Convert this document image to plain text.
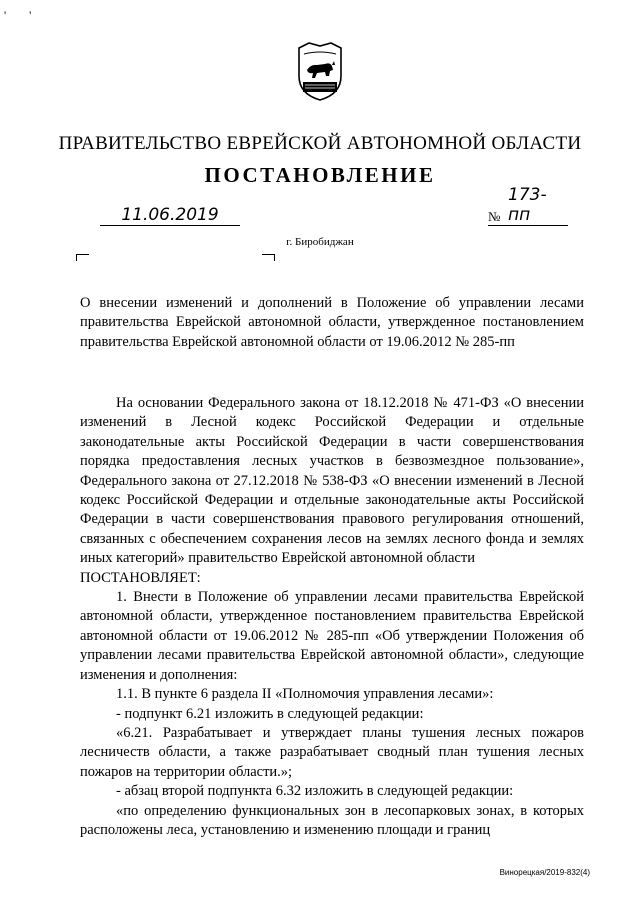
' '
ПРАВИТЕЛЬСТВО ЕВРЕЙСКОЙ АВТОНОМНОЙ ОБЛАСТИ
ПОСТАНОВЛЕНИЕ
11.06.2019	№
173-пп
г. Биробиджан
О внесении изменений и дополнений в Положение об управлении лесами правительства Еврейской автономной области, утвержденное постановлением правительства Еврейской автономной области от 19.06.2012 № 285-пп

На основании Федерального закона от 18.12.2018 № 471-ФЗ «О внесении изменений в Лесной кодекс Российской Федерации и отдельные законодательные акты Российской Федерации в части совершенствования порядка предоставления лесных участков в безвозмездное пользование», Федерального закона от 27.12.2018 № 538-ФЗ «О внесении изменений в Лесной кодекс Российской Федерации и отдельные законодательные акты Российской Федерации в части совершенствования правового регулирования отношений, связанных с обеспечением сохранения лесов на землях лесного фонда и землях иных категорий» правительство Еврейской автономной области

ПОСТАНОВЛЯЕТ:

1. Внести в Положение об управлении лесами правительства Еврейской автономной области, утвержденное постановлением правительства Еврейской автономной области от 19.06.2012 № 285-пп «Об утверждении Положения об управлении лесами правительства Еврейской автономной области», следующие изменения и дополнения:

1.1. В пункте 6 раздела II «Полномочия управления лесами»:

- подпункт 6.21 изложить в следующей редакции:

«6.21. Разрабатывает и утверждает планы тушения лесных пожаров лесничеств области, а также разрабатывает сводный план тушения лесных пожаров на территории области.»;

- абзац второй подпункта 6.32 изложить в следующей редакции:

«по определению функциональных зон в лесопарковых зонах, в которых расположены леса, установлению и изменению площади и границ

Винорецкая/2019-832(4)
